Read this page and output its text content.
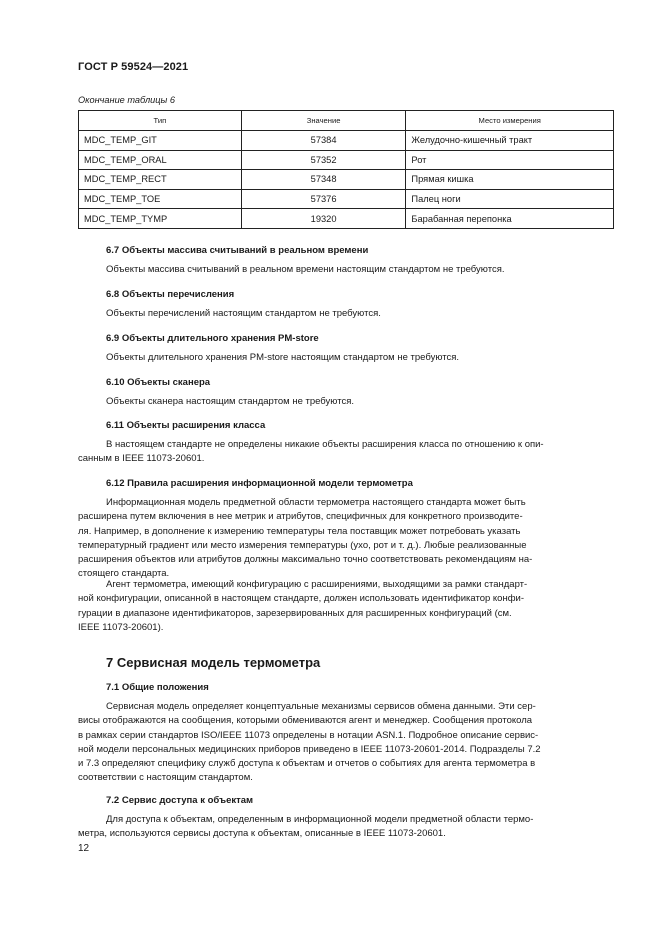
ГОСТ Р 59524—2021
Окончание таблицы 6
Тип	Значение	Место измерения
MDC_TEMP_GIT	57384	Желудочно-кишечный тракт
MDC_TEMP_ORAL	57352	Рот
MDC_TEMP_RECT	57348	Прямая кишка
MDC_TEMP_TOE	57376	Палец ноги
MDC_TEMP_TYMP	19320	Барабанная перепонка
6.7 Объекты массива считываний в реальном времени
Объекты массива считываний в реальном времени настоящим стандартом не требуются.
6.8 Объекты перечисления
Объекты перечислений настоящим стандартом не требуются.
6.9 Объекты длительного хранения PM-store
Объекты длительного хранения PM-store настоящим стандартом не требуются.
6.10 Объекты сканера
Объекты сканера настоящим стандартом не требуются.
6.11 Объекты расширения класса
В настоящем стандарте не определены никакие объекты расширения класса по отношению к опи-
санным в IEEE 11073-20601.
6.12 Правила расширения информационной модели термометра
Информационная модель предметной области термометра настоящего стандарта может быть
расширена путем включения в нее метрик и атрибутов, специфичных для конкретного производите-
ля. Например, в дополнение к измерению температуры тела поставщик может потребовать указать
температурный градиент или место измерения температуры (ухо, рот и т. д.). Любые реализованные
расширения объектов или атрибутов должны максимально точно соответствовать рекомендациям на-
стоящего стандарта.
Агент термометра, имеющий конфигурацию с расширениями, выходящими за рамки стандарт-
ной конфигурации, описанной в настоящем стандарте, должен использовать идентификатор конфи-
гурации в диапазоне идентификаторов, зарезервированных для расширенных конфигураций (см.
IEEE 11073-20601).
7 Сервисная модель термометра
7.1 Общие положения
Сервисная модель определяет концептуальные механизмы сервисов обмена данными. Эти сер-
висы отображаются на сообщения, которыми обмениваются агент и менеджер. Сообщения протокола
в рамках серии стандартов ISO/IEEE 11073 определены в нотации ASN.1. Подробное описание сервис-
ной модели персональных медицинских приборов приведено в IEEE 11073-20601-2014. Подразделы 7.2
и 7.3 определяют специфику служб доступа к объектам и отчетов о событиях для агента термометра в
соответствии с настоящим стандартом.
7.2 Сервис доступа к объектам
Для доступа к объектам, определенным в информационной модели предметной области термо-
метра, используются сервисы доступа к объектам, описанные в IEEE 11073-20601.
12
